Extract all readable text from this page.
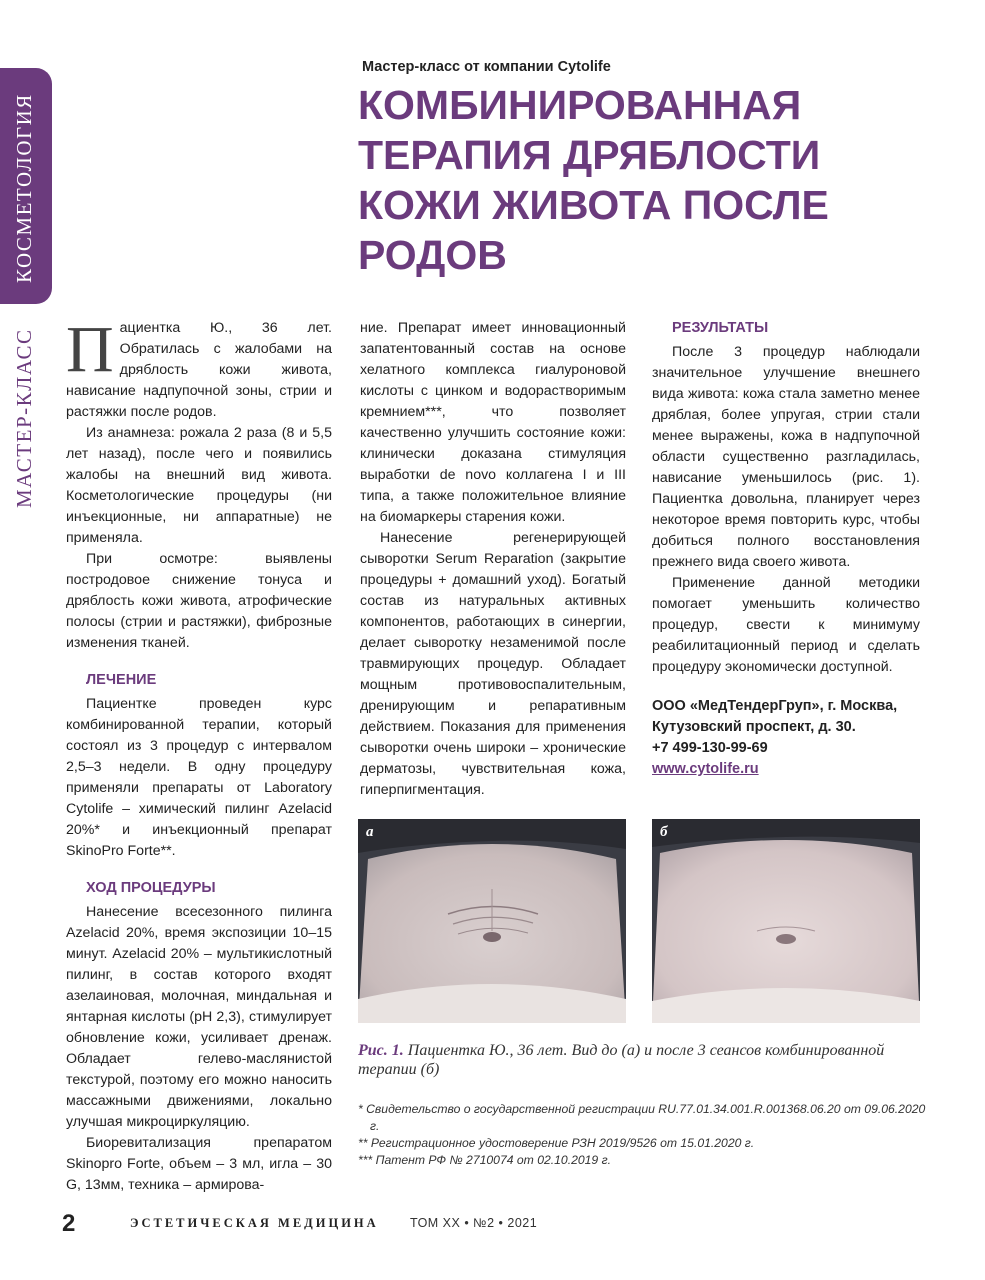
КОСМЕТОЛОГИЯ
МАСТЕР-КЛАСС
Мастер-класс от компании Cytolife
КОМБИНИРОВАННАЯ
ТЕРАПИЯ ДРЯБЛОСТИ
КОЖИ ЖИВОТА ПОСЛЕ
РОДОВ

Пациентка Ю., 36 лет. Обратилась с жалобами на дряблость кожи живота, нависание надпупочной зоны, стрии и растяжки после родов.

Из анамнеза: рожала 2 раза (8 и 5,5 лет назад), после чего и появились жалобы на внешний вид живота. Косметологические процедуры (ни инъекционные, ни аппаратные) не применяла.

При осмотре: выявлены постродовое снижение тонуса и дряблость кожи живота, атрофические полосы (стрии и растяжки), фиброзные изменения тканей.

ЛЕЧЕНИЕ

Пациентке проведен курс комбинированной терапии, который состоял из 3 процедур с интервалом 2,5–3 недели. В одну процедуру применяли препараты от Laboratory Cytolife – химический пилинг Azelacid 20%* и инъекционный препарат SkinoPro Forte**.

ХОД ПРОЦЕДУРЫ

Нанесение всесезонного пилинга Azelacid 20%, время экспозиции 10–15 минут. Azelacid 20% – мультикислотный пилинг, в состав которого входят азелаиновая, молочная, миндальная и янтарная кислоты (рН 2,3), стимулирует обновление кожи, усиливает дренаж. Обладает гелево-маслянистой текстурой, поэтому его можно наносить массажными движениями, локально улучшая микроциркуляцию.

Биоревитализация препаратом Skinopro Forte, объем – 3 мл, игла – 30 G, 13мм, техника – армирова-

ние. Препарат имеет инновационный запатентованный состав на основе хелатного комплекса гиалуроновой кислоты с цинком и водорастворимым кремнием***, что позволяет качественно улучшить состояние кожи: клинически доказана стимуляция выработки de novo коллагена I и III типа, а также положительное влияние на биомаркеры старения кожи.

Нанесение регенерирующей сыворотки Serum Reparation (закрытие процедуры + домашний уход). Богатый состав из натуральных активных компонентов, работающих в синергии, делает сыворотку незаменимой после травмирующих процедур. Обладает мощным противовоспалительным, дренирующим и репаративным действием. Показания для применения сыворотки очень широки – хронические дерматозы, чувствительная кожа, гиперпигментация.

РЕЗУЛЬТАТЫ

После 3 процедур наблюдали значительное улучшение внешнего вида живота: кожа стала заметно менее дряблая, более упругая, стрии стали менее выражены, кожа в надпупочной области существенно разгладилась, нависание уменьшилось (рис. 1). Пациентка довольна, планирует через некоторое время повторить курс, чтобы добиться полного восстановления прежнего вида своего живота.

Применение данной методики помогает уменьшить количество процедур, свести к минимуму реабилитационный период и сделать процедуру экономически доступной.

ООО «МедТендерГруп», г. Москва,
Кутузовский проспект, д. 30.
+7 499-130-99-69
www.cytolife.ru
а	б
Рис. 1. Пациентка Ю., 36 лет. Вид до (а) и после 3 сеансов комбинированной терапии (б)
* Свидетельство о государственной регистрации RU.77.01.34.001.R.001368.06.20 от 09.06.2020 г.
** Регистрационное удостоверение РЗН 2019/9526 от 15.01.2020 г.
*** Патент РФ № 2710074 от 02.10.2019 г.
2	ЭСТЕТИЧЕСКАЯ МЕДИЦИНА	ТОМ XX • №2 • 2021
